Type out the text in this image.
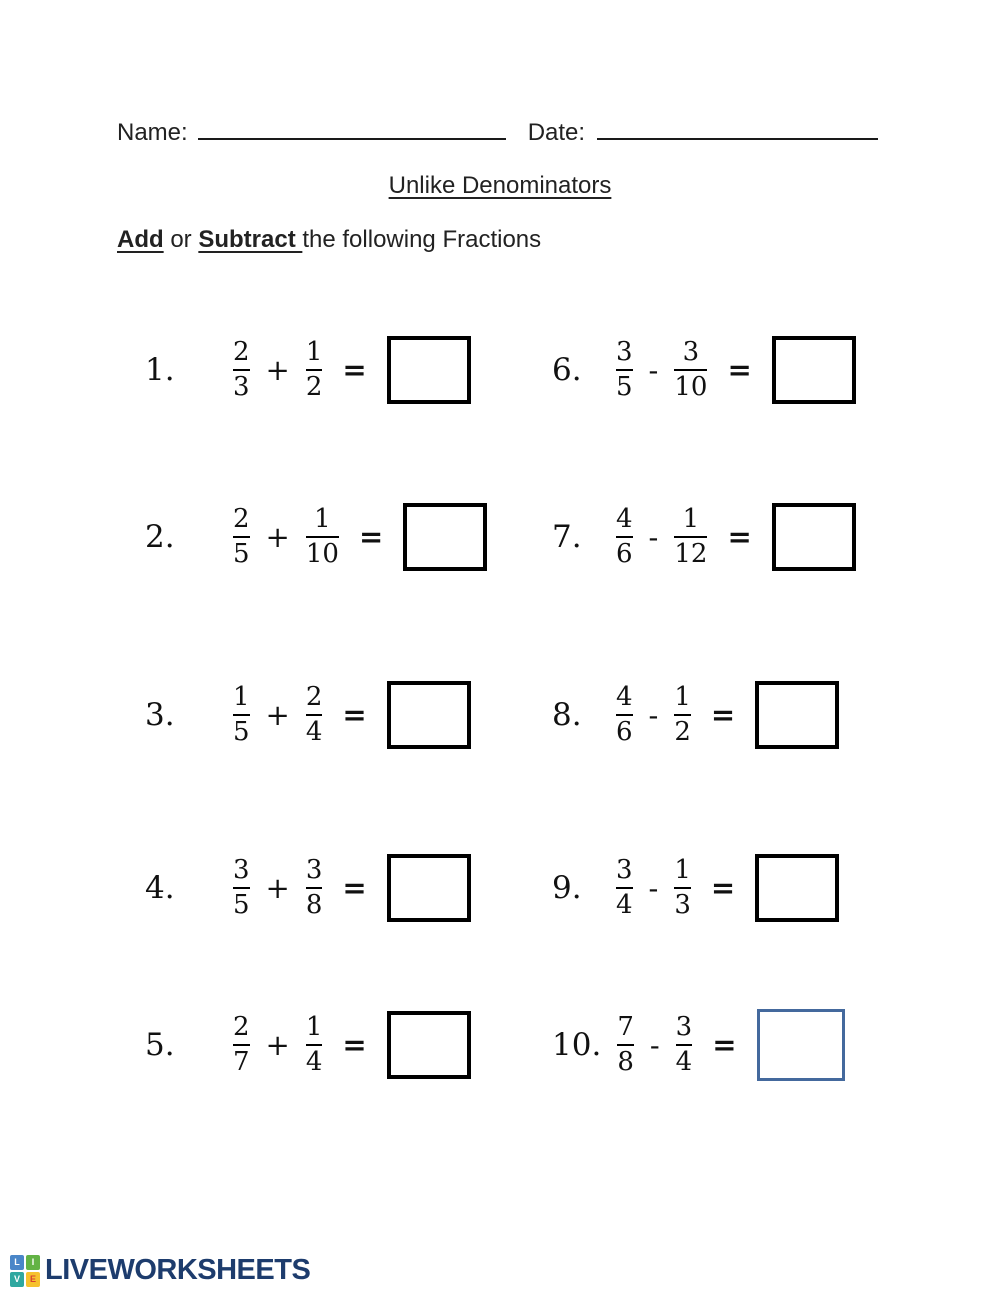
Name:	Date:
Unlike Denominators
Add or Subtract the following Fractions
1.	$\frac{2}{3} + \frac{1}{2}$ =	6.	$\frac{3}{5} - \frac{3}{10}$ =
2.	$\frac{2}{5} + \frac{1}{10}$ =	7.	$\frac{4}{6} - \frac{1}{12}$ =
3.	$\frac{1}{5} + \frac{2}{4}$ =	8.	$\frac{4}{6} - \frac{1}{2}$ =
4.	$\frac{3}{5} + \frac{3}{8}$ =	9.	$\frac{3}{4} - \frac{1}{3}$ =
5.	$\frac{2}{7} + \frac{1}{4}$ =	10. $\frac{7}{8} - \frac{3}{4}$ =
L	I
V	E LIVEWORKSHEETS
